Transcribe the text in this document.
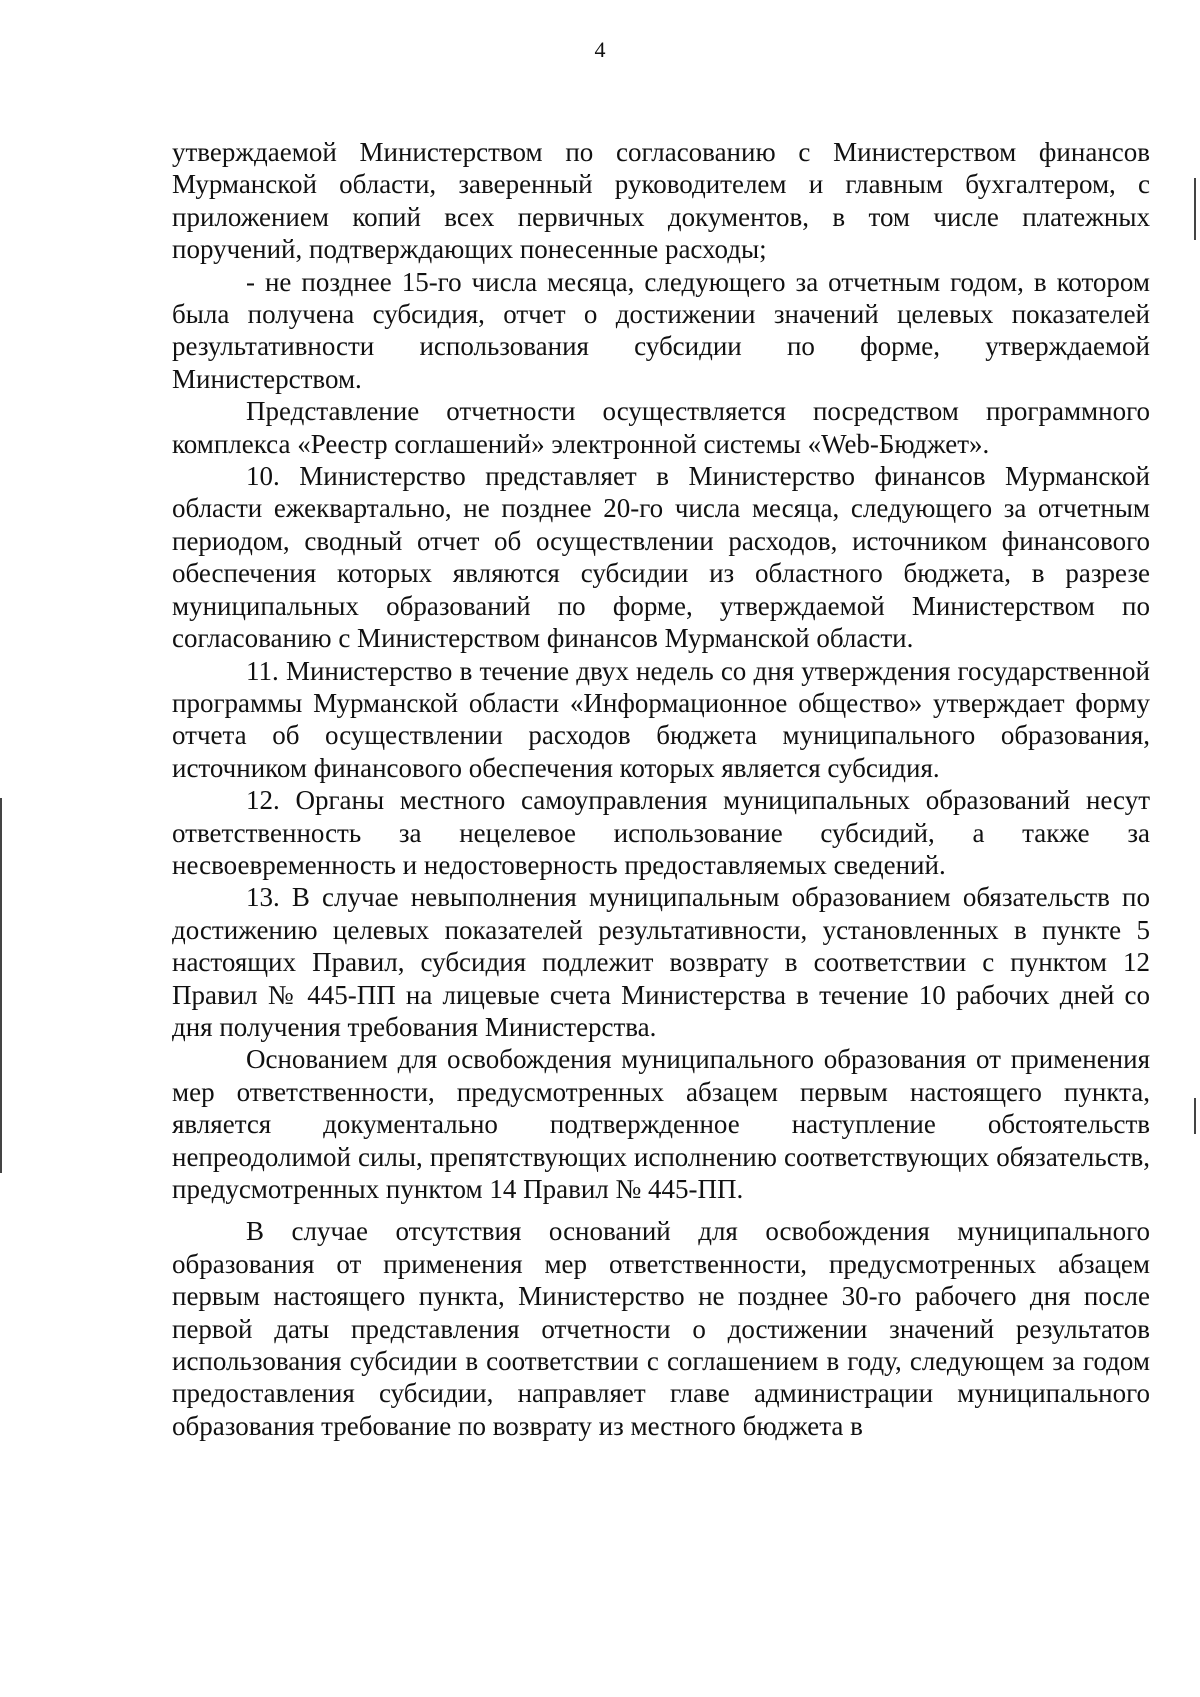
4

утверждаемой Министерством по согласованию с Министерством финансов Мурманской области, заверенный руководителем и главным бухгалтером, с приложением копий всех первичных документов, в том числе платежных поручений, подтверждающих понесенные расходы;

- не позднее 15-го числа месяца, следующего за отчетным годом, в котором была получена субсидия, отчет о достижении значений целевых показателей результативности использования субсидии по форме, утверждаемой Министерством.

Представление отчетности осуществляется посредством программного комплекса «Реестр соглашений» электронной системы «Web-Бюджет».

10. Министерство представляет в Министерство финансов Мурманской области ежеквартально, не позднее 20-го числа месяца, следующего за отчетным периодом, сводный отчет об осуществлении расходов, источником финансового обеспечения которых являются субсидии из областного бюджета, в разрезе муниципальных образований по форме, утверждаемой Министерством по согласованию с Министерством финансов Мурманской области.

11. Министерство в течение двух недель со дня утверждения государственной программы Мурманской области «Информационное общество» утверждает форму отчета об осуществлении расходов бюджета муниципального образования, источником финансового обеспечения которых является субсидия.

12. Органы местного самоуправления муниципальных образований несут ответственность за нецелевое использование субсидий, а также за несвоевременность и недостоверность предоставляемых сведений.

13. В случае невыполнения муниципальным образованием обязательств по достижению целевых показателей результативности, установленных в пункте 5 настоящих Правил, субсидия подлежит возврату в соответствии с пунктом 12 Правил № 445-ПП на лицевые счета Министерства в течение 10 рабочих дней со дня получения требования Министерства.

Основанием для освобождения муниципального образования от применения мер ответственности, предусмотренных абзацем первым настоящего пункта, является документально подтвержденное наступление обстоятельств непреодолимой силы, препятствующих исполнению соответствующих обязательств, предусмотренных пунктом 14 Правил № 445-ПП.

В случае отсутствия оснований для освобождения муниципального образования от применения мер ответственности, предусмотренных абзацем первым настоящего пункта, Министерство не позднее 30-го рабочего дня после первой даты представления отчетности о достижении значений результатов использования субсидии в соответствии с соглашением в году, следующем за годом предоставления субсидии, направляет главе администрации муниципального образования требование по возврату из местного бюджета в
